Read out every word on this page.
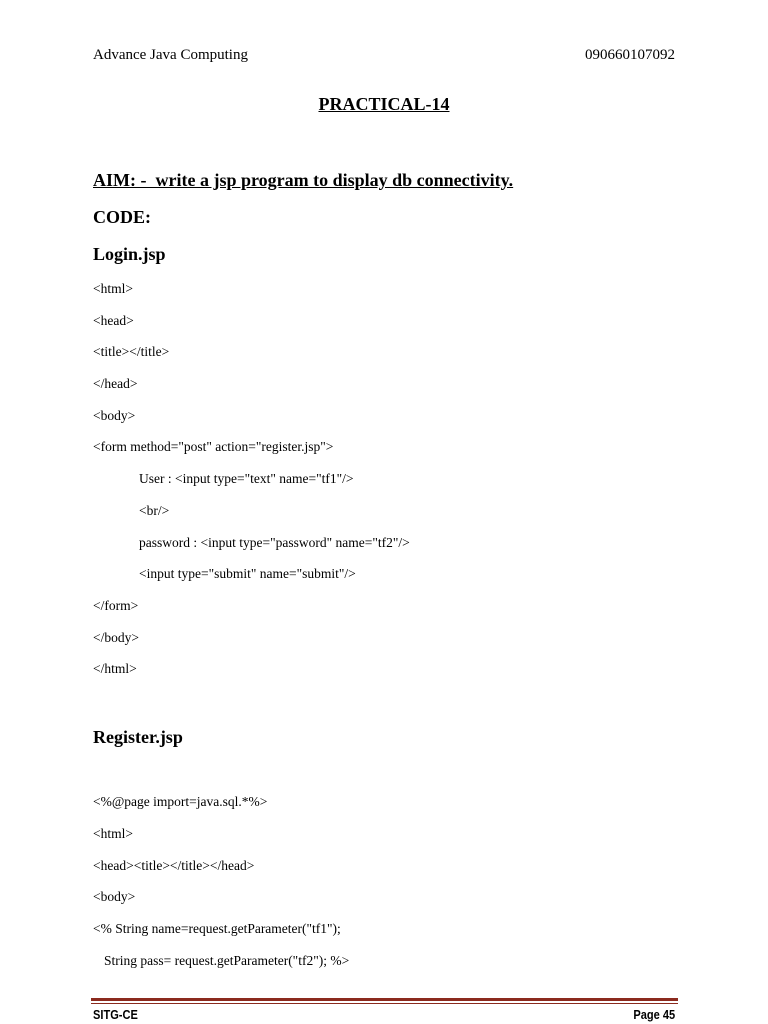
Advance Java Computing	090660107092
PRACTICAL-14
AIM: -  write a jsp program to display db connectivity.
CODE:
Login.jsp
<html>
<head>
<title></title>
</head>
<body>
<form method="post" action="register.jsp">
User : <input type="text" name="tf1"/>
<br/>
password : <input type="password" name="tf2"/>
<input type="submit" name="submit"/>
</form>
</body>
</html>
Register.jsp
<%@page import=java.sql.*%>
<html>
<head><title></title></head>
<body>
<% String name=request.getParameter("tf1");
String pass= request.getParameter("tf2"); %>
SITG-CE	Page 45
